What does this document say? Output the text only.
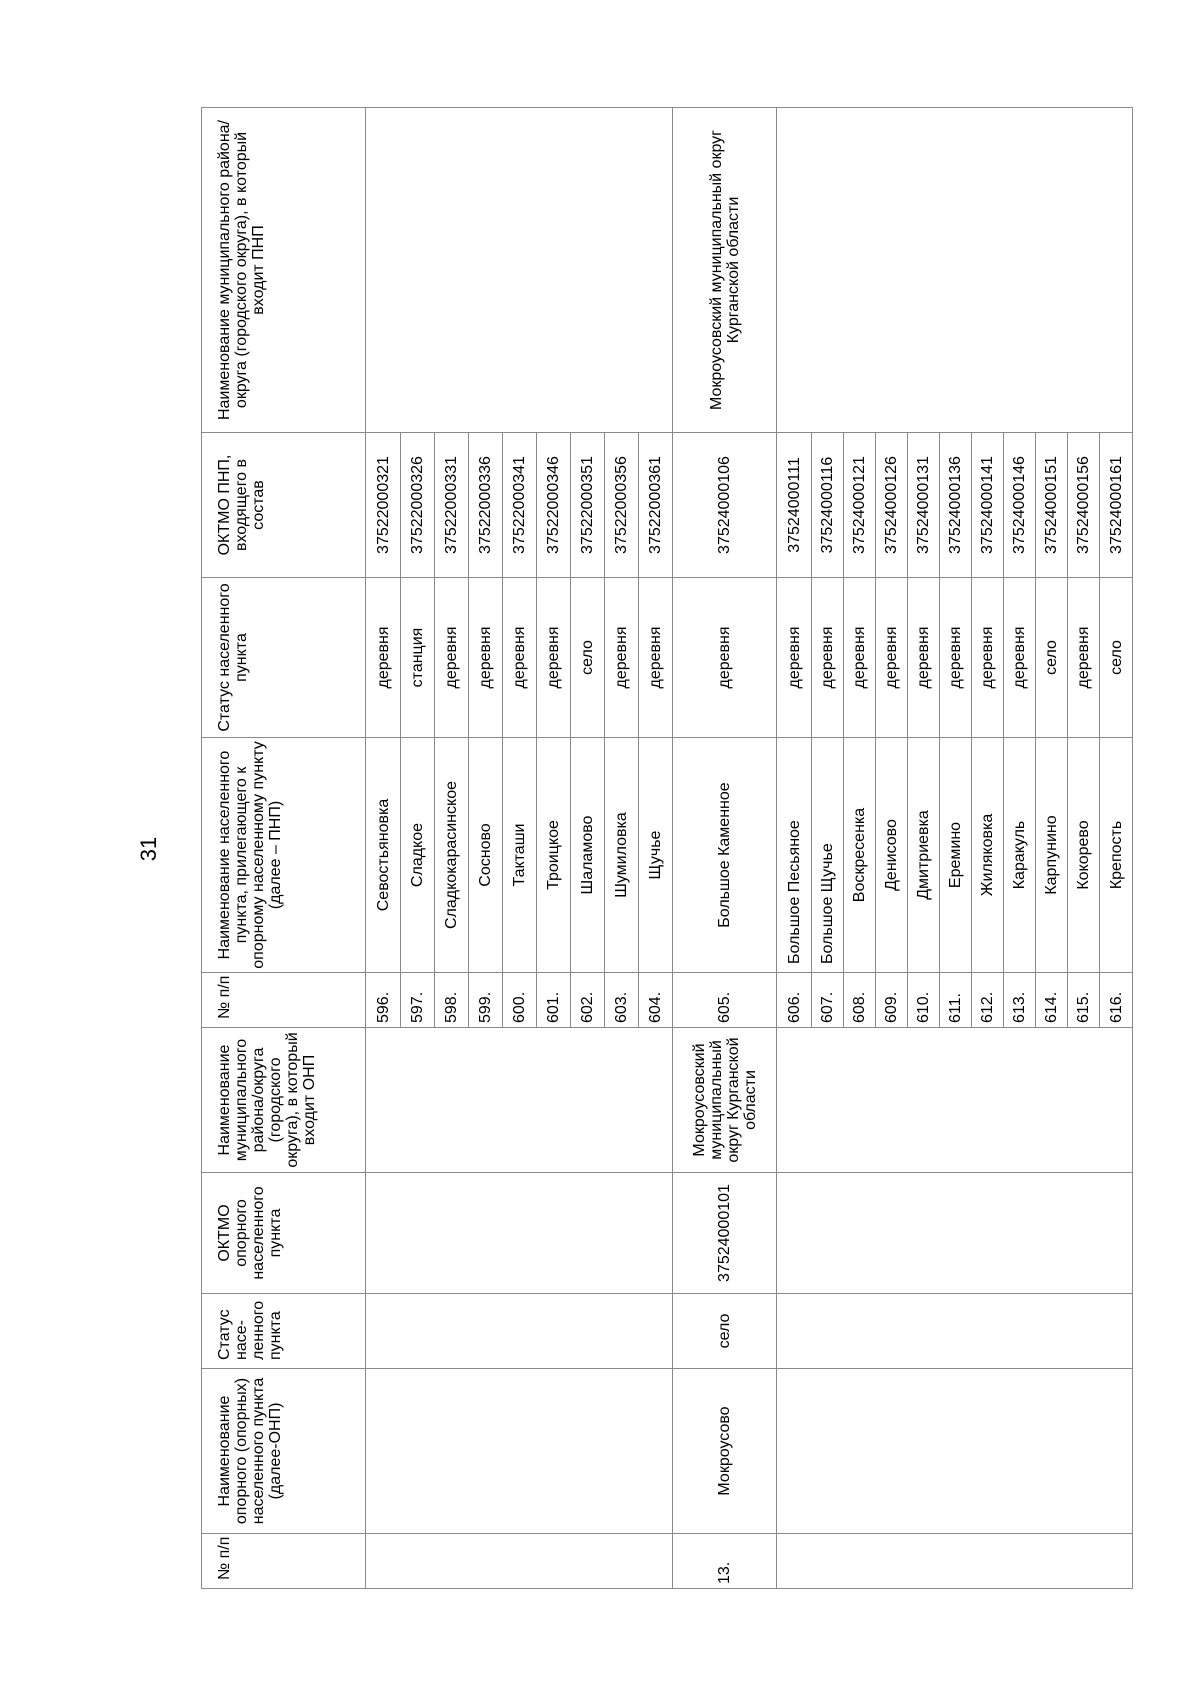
31
№ п/п	Наименование опорного (опорных) населенного пункта (далее-ОНП)	Статус насе-ленного пункта	ОКТМО опорного населенного пункта	Наименование муниципального района/округа (городского округа), в который входит ОНП	№ п/п	Наименование населенного пункта, прилегающего к опорному населенному пункту (далее – ПНП)	Статус населенного пункта	ОКТМО ПНП, входящего в состав	Наименование муниципального района/округа (городского округа), в который входит ПНП
					596.	Севостьяновка	деревня	37522000321	
					597.	Сладкое	станция	37522000326	
					598.	Сладкокарасинское	деревня	37522000331	
					599.	Сосново	деревня	37522000336	
					600.	Такташи	деревня	37522000341	
					601.	Троицкое	деревня	37522000346	
					602.	Шаламово	село	37522000351	
					603.	Шумиловка	деревня	37522000356	
					604.	Щучье	деревня	37522000361	
13.	Мокроусово	село	37524000101	Мокроусовский муниципальный округ Курганской области	605.	Большое Каменное	деревня	37524000106	Мокроусовский муниципальный округ Курганской области
					606.	Большое Песьяное	деревня	37524000111	
					607.	Большое Щучье	деревня	37524000116	
					608.	Воскресенка	деревня	37524000121	
					609.	Денисово	деревня	37524000126	
					610.	Дмитриевка	деревня	37524000131	
					611.	Еремино	деревня	37524000136	
					612.	Жиляковка	деревня	37524000141	
					613.	Каракуль	деревня	37524000146	
					614.	Карпунино	село	37524000151	
					615.	Кокорево	деревня	37524000156	
					616.	Крепость	село	37524000161	
